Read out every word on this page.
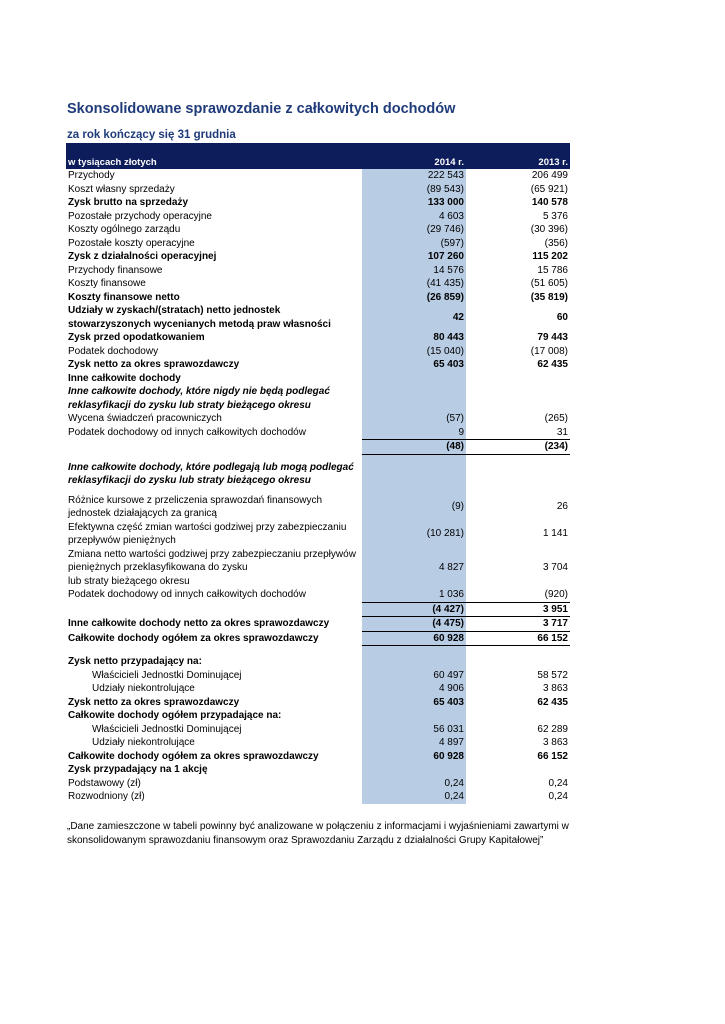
Skonsolidowane sprawozdanie z całkowitych dochodów
za rok kończący się 31 grudnia
w tysiącach złotych	2014 r.	2013 r.
Przychody	222 543	206 499
Koszt własny sprzedaży	(89 543)	(65 921)
Zysk brutto na sprzedaży	133 000	140 578
Pozostałe przychody operacyjne	4 603	5 376
Koszty ogólnego zarządu	(29 746)	(30 396)
Pozostałe koszty operacyjne	(597)	(356)
Zysk z działalności operacyjnej	107 260	115 202
Przychody finansowe	14 576	15 786
Koszty finansowe	(41 435)	(51 605)
Koszty finansowe netto	(26 859)	(35 819)
Udziały w zyskach/(stratach) netto jednostek stowarzyszonych wycenianych metodą praw własności	42	60
Zysk przed opodatkowaniem	80 443	79 443
Podatek dochodowy	(15 040)	(17 008)
Zysk netto za okres sprawozdawczy	65 403	62 435
Inne całkowite dochody		
Inne całkowite dochody, które nigdy nie będą podlegać		
reklasyfikacji do zysku lub straty bieżącego okresu		
Wycena świadczeń pracowniczych	(57)	(265)
Podatek dochodowy od innych całkowitych dochodów	9	31
	(48)	(234)

Inne całkowite dochody, które podlegają lub mogą podlegać		
reklasyfikacji do zysku lub straty bieżącego okresu		

Różnice kursowe z przeliczenia sprawozdań finansowych jednostek działających za granicą	(9)	26
Efektywna część zmian wartości godziwej przy zabezpieczaniu przepływów pieniężnych	(10 281)	1 141
Zmiana netto wartości godziwej przy zabezpieczaniu przepływów		
pieniężnych przeklasyfikowana do zysku	4 827	3 704
lub straty bieżącego okresu		
Podatek dochodowy od innych całkowitych dochodów	1 036	(920)
	(4 427)	3 951
Inne całkowite dochody netto za okres sprawozdawczy	(4 475)	3 717
Całkowite dochody ogółem za okres sprawozdawczy	60 928	66 152

Zysk netto przypadający na:		
Właścicieli Jednostki Dominującej	60 497	58 572
Udziały niekontrolujące	4 906	3 863
Zysk netto za okres sprawozdawczy	65 403	62 435
Całkowite dochody ogółem przypadające na:		
Właścicieli Jednostki Dominującej	56 031	62 289
Udziały niekontrolujące	4 897	3 863
Całkowite dochody ogółem za okres sprawozdawczy	60 928	66 152
Zysk przypadający na 1 akcję		
Podstawowy (zł)	0,24	0,24
Rozwodniony (zł)	0,24	0,24

„Dane zamieszczone w tabeli powinny być analizowane w połączeniu z informacjami i wyjaśnieniami zawartymi w skonsolidowanym sprawozdaniu finansowym oraz Sprawozdaniu Zarządu z działalności Grupy Kapitałowej”
